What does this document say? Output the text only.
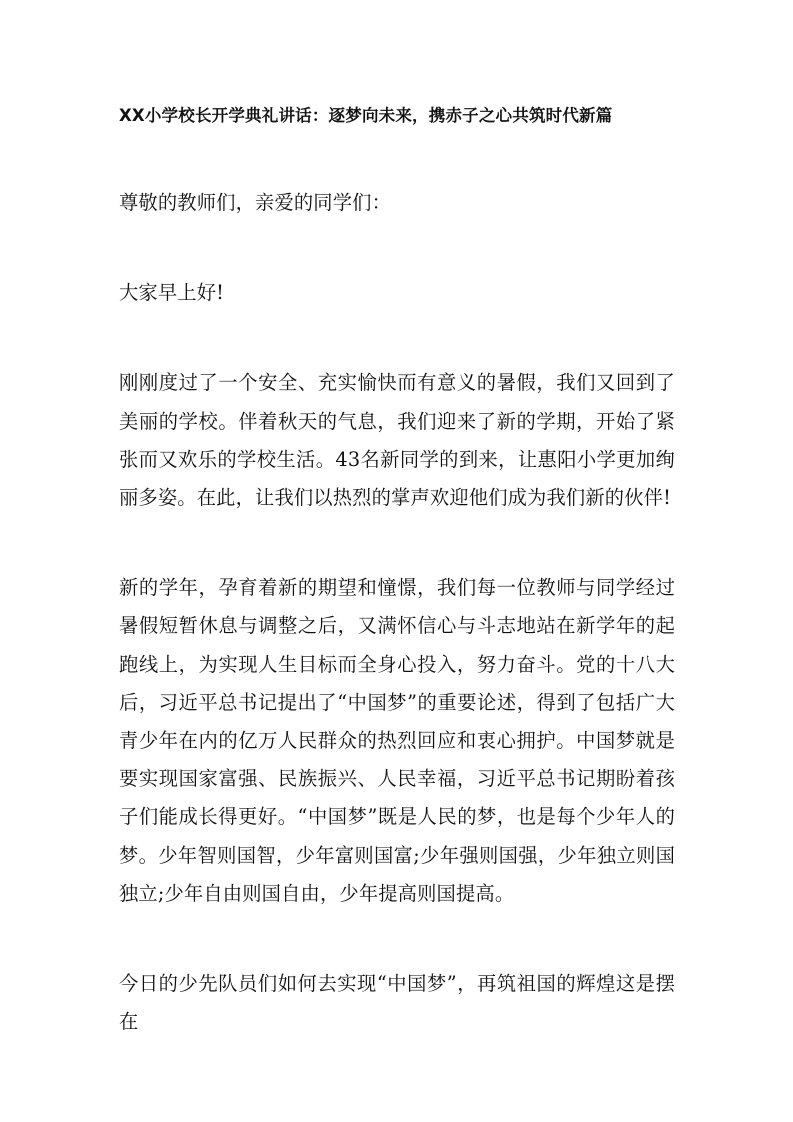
XX小学校长开学典礼讲话：逐梦向未来，携赤子之心共筑时代新篇

尊敬的教师们，亲爱的同学们：

大家早上好!

刚刚度过了一个安全、充实愉快而有意义的暑假，我们又回到了美丽的学校。伴着秋天的气息，我们迎来了新的学期，开始了紧张而又欢乐的学校生活。43名新同学的到来，让惠阳小学更加绚丽多姿。在此，让我们以热烈的掌声欢迎他们成为我们新的伙伴!

新的学年，孕育着新的期望和憧憬，我们每一位教师与同学经过暑假短暂休息与调整之后，又满怀信心与斗志地站在新学年的起跑线上，为实现人生目标而全身心投入，努力奋斗。党的十八大后，习近平总书记提出了“中国梦”的重要论述，得到了包括广大青少年在内的亿万人民群众的热烈回应和衷心拥护。中国梦就是要实现国家富强、民族振兴、人民幸福，习近平总书记期盼着孩子们能成长得更好。“中国梦”既是人民的梦，也是每个少年人的梦。少年智则国智，少年富则国富;少年强则国强，少年独立则国独立;少年自由则国自由，少年提高则国提高。

今日的少先队员们如何去实现“中国梦”，再筑祖国的辉煌这是摆在
